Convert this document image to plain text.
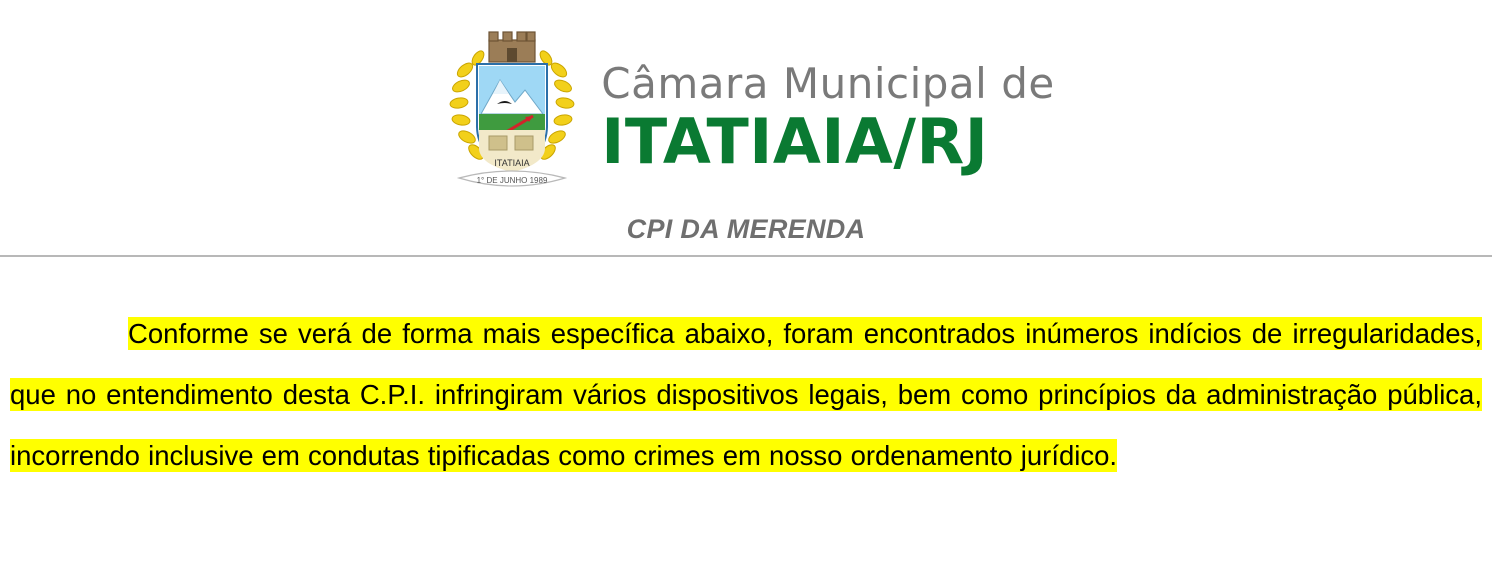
ITATIAIA
1° DE JUNHO 1989
Câmara Municipal de
ITATIAIA/RJ
CPI DA MERENDA

Conforme se verá de forma mais específica abaixo, foram encontrados inúmeros indícios de irregularidades, que no entendimento desta C.P.I. infringiram vários dispositivos legais, bem como princípios da administração pública, incorrendo inclusive em condutas tipificadas como crimes em nosso ordenamento jurídico.
